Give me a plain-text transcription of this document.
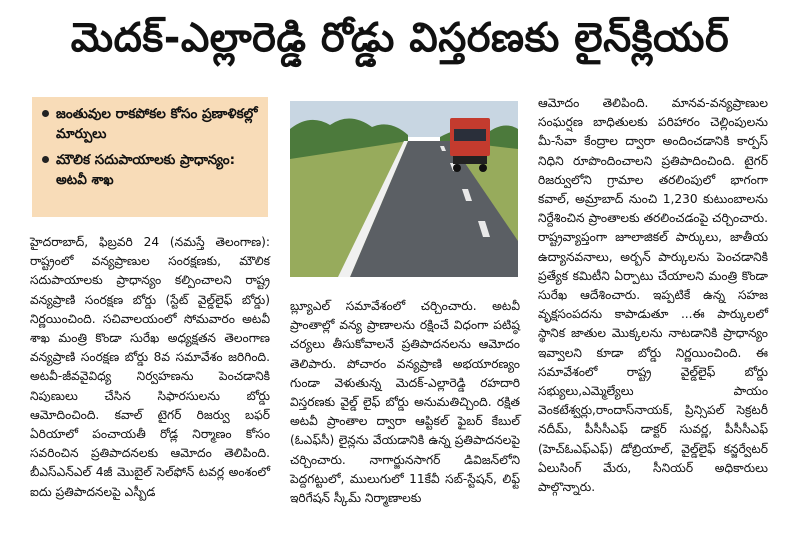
మెదక్-ఎల్లారెడ్డి రోడ్డు విస్తరణకు లైన్‌క్లియర్
జంతువుల రాకపోకల కోసం ప్రణాళికల్లో మార్పులు
మౌలిక సదుపాయాలకు ప్రాధాన్యం: అటవీ శాఖ

హైదరాబాద్, ఫిబ్రవరి 24 (నమస్తే తెలంగాణ): రాష్ట్రంలో వన్యప్రాణుల సంరక్షణకు, మౌలిక సదుపాయాలకు ప్రాధాన్యం కల్పించాలని రాష్ట్ర వన్యప్రాణి సంరక్షణ బోర్డు (స్టేట్ వైల్డ్‌లైఫ్ బోర్డు) నిర్ణయించింది. సచివాలయంలో సోమవారం అటవీ శాఖ మంత్రి కొండా సురేఖ అధ్యక్షతన తెలంగాణ వన్యప్రాణి సంరక్షణ బోర్డు 8వ సమావేశం జరిగింది. అటవీ-జీవవైవిధ్య నిర్వహణను పెంచడానికి నిపుణులు చేసిన సిఫారసులను బోర్డు ఆమోదించింది. కవాల్ టైగర్ రిజర్వు బఫర్ ఏరియాలో పంచాయతీ రోడ్ల నిర్మాణం కోసం సవరించిన ప్రతిపాదనలకు ఆమోదం తెలిపింది. బీఎస్‌ఎన్‌ఎల్ 4జీ మొబైల్ సెల్‌ఫోన్ టవర్ల అంశంలో ఐదు ప్రతిపాదనలపై ఎస్బీడ

బ్ల్యూఎల్ సమావేశంలో చర్చించారు. అటవీ ప్రాంతాల్లో వన్య ప్రాణాలను రక్షించే విధంగా పటిష్ఠ చర్యలు తీసుకోవాలనే ప్రతిపాదనలను ఆమోదం తెలిపారు. పోచారం వన్యప్రాణి అభయారణ్యం గుండా వెళుతున్న మెదక్-ఎల్లారెడ్డి రహదారి విస్తరణకు వైల్డ్ లైఫ్ బోర్డు అనుమతిచ్చింది. రక్షిత అటవీ ప్రాంతాల ద్వారా ఆప్టికల్ ఫైబర్ కేబుల్ (ఓఎఫ్‌సీ) లైన్లను వేయడానికి ఉన్న ప్రతిపాదనలపై చర్చించారు. నాగార్జునసాగర్ డివిజన్‌లోని పెద్దగట్టులో, ములుగులో 11కేవీ సబ్-స్టేషన్, లిఫ్ట్ ఇరిగేషన్ స్కీమ్ నిర్మాణాలకు

ఆమోదం తెలిపింది. మానవ-వన్యప్రాణుల సంఘర్షణ బాధితులకు పరిహారం చెల్లింపులను మీ-సేవా కేంద్రాల ద్వారా అందించడానికి కార్పస్ నిధిని రూపొందించాలని ప్రతిపాదించింది. టైగర్ రిజర్వులోని గ్రామాల తరలింపులో భాగంగా కవాల్, అమ్రాబాద్ నుంచి 1,230 కుటుంబాలను నిర్దేశించిన ప్రాంతాలకు తరలించడంపై చర్చించారు. రాష్ట్రవ్యాప్తంగా జూలాజికల్ పార్కులు, జాతీయ ఉద్యానవనాలు, అర్బన్ పార్కులను పెంచడానికి ప్రత్యేక కమిటీని ఏర్పాటు చేయాలని మంత్రి కొండా సురేఖ ఆదేశించారు. ఇప్పటికే ఉన్న సహజ వృక్షసంపదను కాపాడుతూ ...ఈ పార్కులలో స్థానిక జాతుల మొక్కలను నాటడానికి ప్రాధాన్యం ఇవ్వాలని కూడా బోర్డు నిర్ణయించింది. ఈ సమావేశంలో రాష్ట్ర వైల్డ్‌లైఫ్ బోర్డు సభ్యులు,ఎమ్మెల్యేలు పాయం వెంకటేశ్వర్లు,రాందాస్‌నాయక్, ప్రిన్సిపల్ సెక్రటరీ నదీమ్, పీసీసీఎఫ్ డాక్టర్ సువర్ణ, పీసీసీఎఫ్ (హెచ్‌ఓఎఫ్‌ఎఫ్) డోబ్రియాల్, వైల్డ్‌లైఫ్ కన్జర్వేటర్ ఏలుసింగ్ మేరు, సీనియర్ అధికారులు పాల్గొన్నారు.
